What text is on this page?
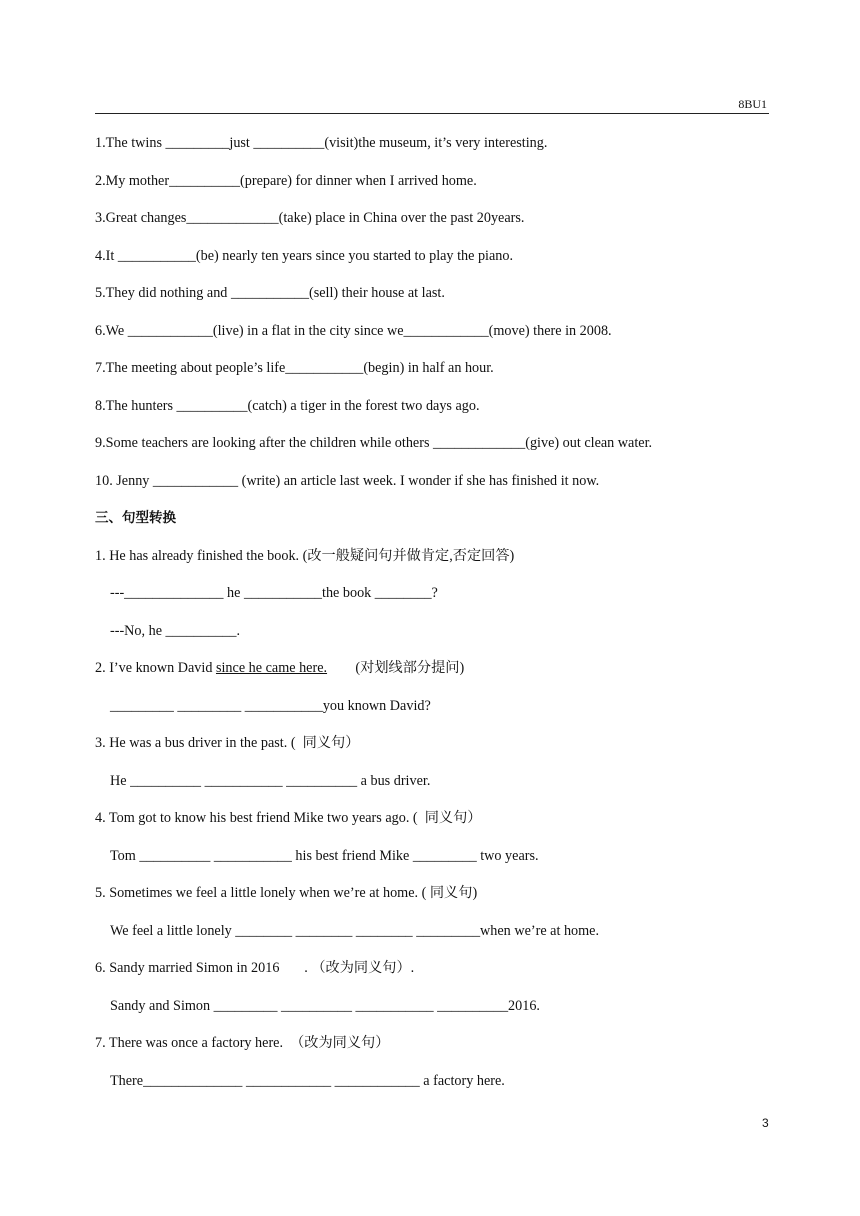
8BU1
1.The twins _________just __________(visit)the museum, it’s very interesting.
2.My mother__________(prepare) for dinner when I arrived home.
3.Great changes_____________(take) place in China over the past 20years.
4.It ___________(be) nearly ten years since you started to play the piano.
5.They did nothing and ___________(sell) their house at last.
6.We ____________(live) in a flat in the city since we____________(move) there in 2008.
7.The meeting about people’s life___________(begin) in half an hour.
8.The hunters __________(catch) a tiger in the forest two days ago.
9.Some teachers are looking after the children while others _____________(give) out clean water.
10. Jenny ____________ (write) an article last week. I wonder if she has finished it now.
三、句型转换
1. He has already finished the book. (改一般疑问句并做肯定,否定回答)
---______________ he ___________the book ________?
---No, he __________.
2. I’ve known David since he came here.        (对划线部分提问)
_________ _________ ___________you known David?
3. He was a bus driver in the past. (  同义句）
He __________ ___________ __________ a bus driver.
4. Tom got to know his best friend Mike two years ago. (  同义句）
Tom __________ ___________ his best friend Mike _________ two years.
5. Sometimes we feel a little lonely when we’re at home. ( 同义句)
We feel a little lonely ________ ________ ________ _________when we’re at home.
6. Sandy married Simon in 2016       . （改为同义句）.
Sandy and Simon _________ __________ ___________ __________2016.
7. There was once a factory here.  （改为同义句）
There______________ ____________ ____________ a factory here.
3
